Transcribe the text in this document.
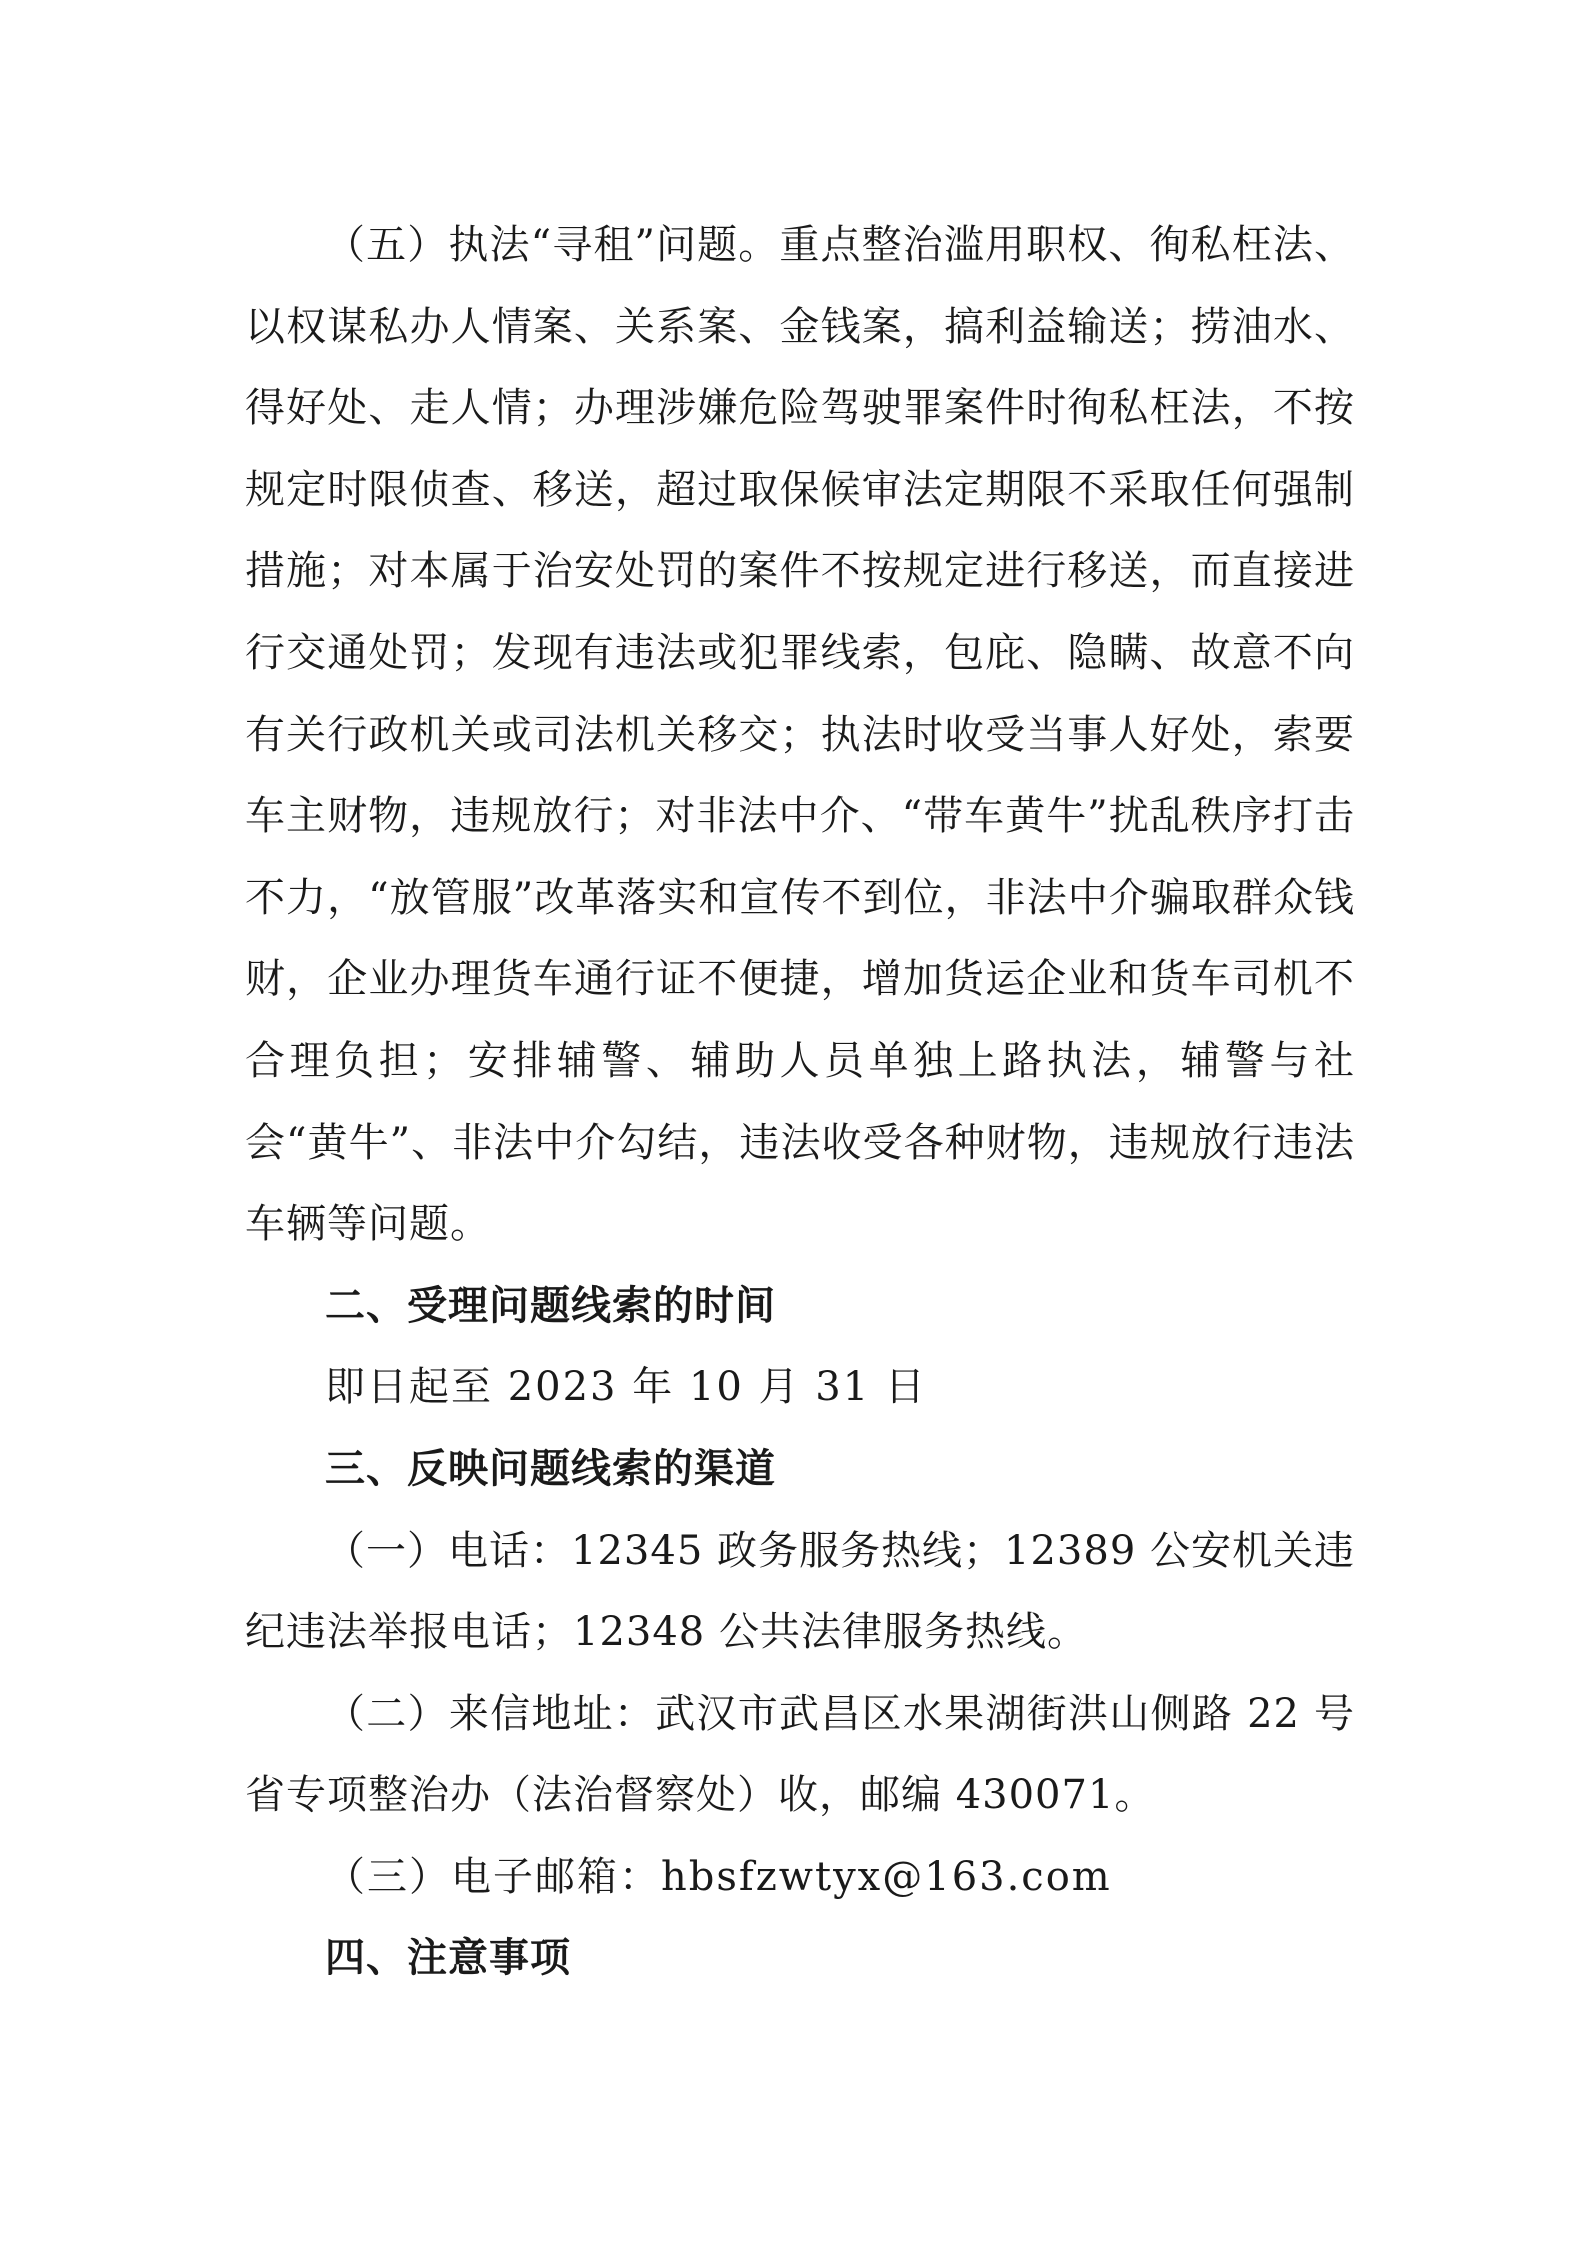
（五）执法“寻租”问题。重点整治滥用职权、徇私枉法、以权谋私办人情案、关系案、金钱案，搞利益输送；捞油水、得好处、走人情；办理涉嫌危险驾驶罪案件时徇私枉法，不按规定时限侦查、移送，超过取保候审法定期限不采取任何强制措施；对本属于治安处罚的案件不按规定进行移送，而直接进行交通处罚；发现有违法或犯罪线索，包庇、隐瞒、故意不向有关行政机关或司法机关移交；执法时收受当事人好处，索要车主财物，违规放行；对非法中介、“带车黄牛”扰乱秩序打击不力，“放管服”改革落实和宣传不到位，非法中介骗取群众钱财，企业办理货车通行证不便捷，增加货运企业和货车司机不合理负担；安排辅警、辅助人员单独上路执法，辅警与社会“黄牛”、非法中介勾结，违法收受各种财物，违规放行违法车辆等问题。

二、受理问题线索的时间

即日起至 2023 年 10 月 31 日

三、反映问题线索的渠道

（一）电话：12345 政务服务热线；12389 公安机关违纪违法举报电话；12348 公共法律服务热线。

（二）来信地址：武汉市武昌区水果湖街洪山侧路 22 号省专项整治办（法治督察处）收，邮编 430071。

（三）电子邮箱：hbsfzwtyx@163.com

四、注意事项
